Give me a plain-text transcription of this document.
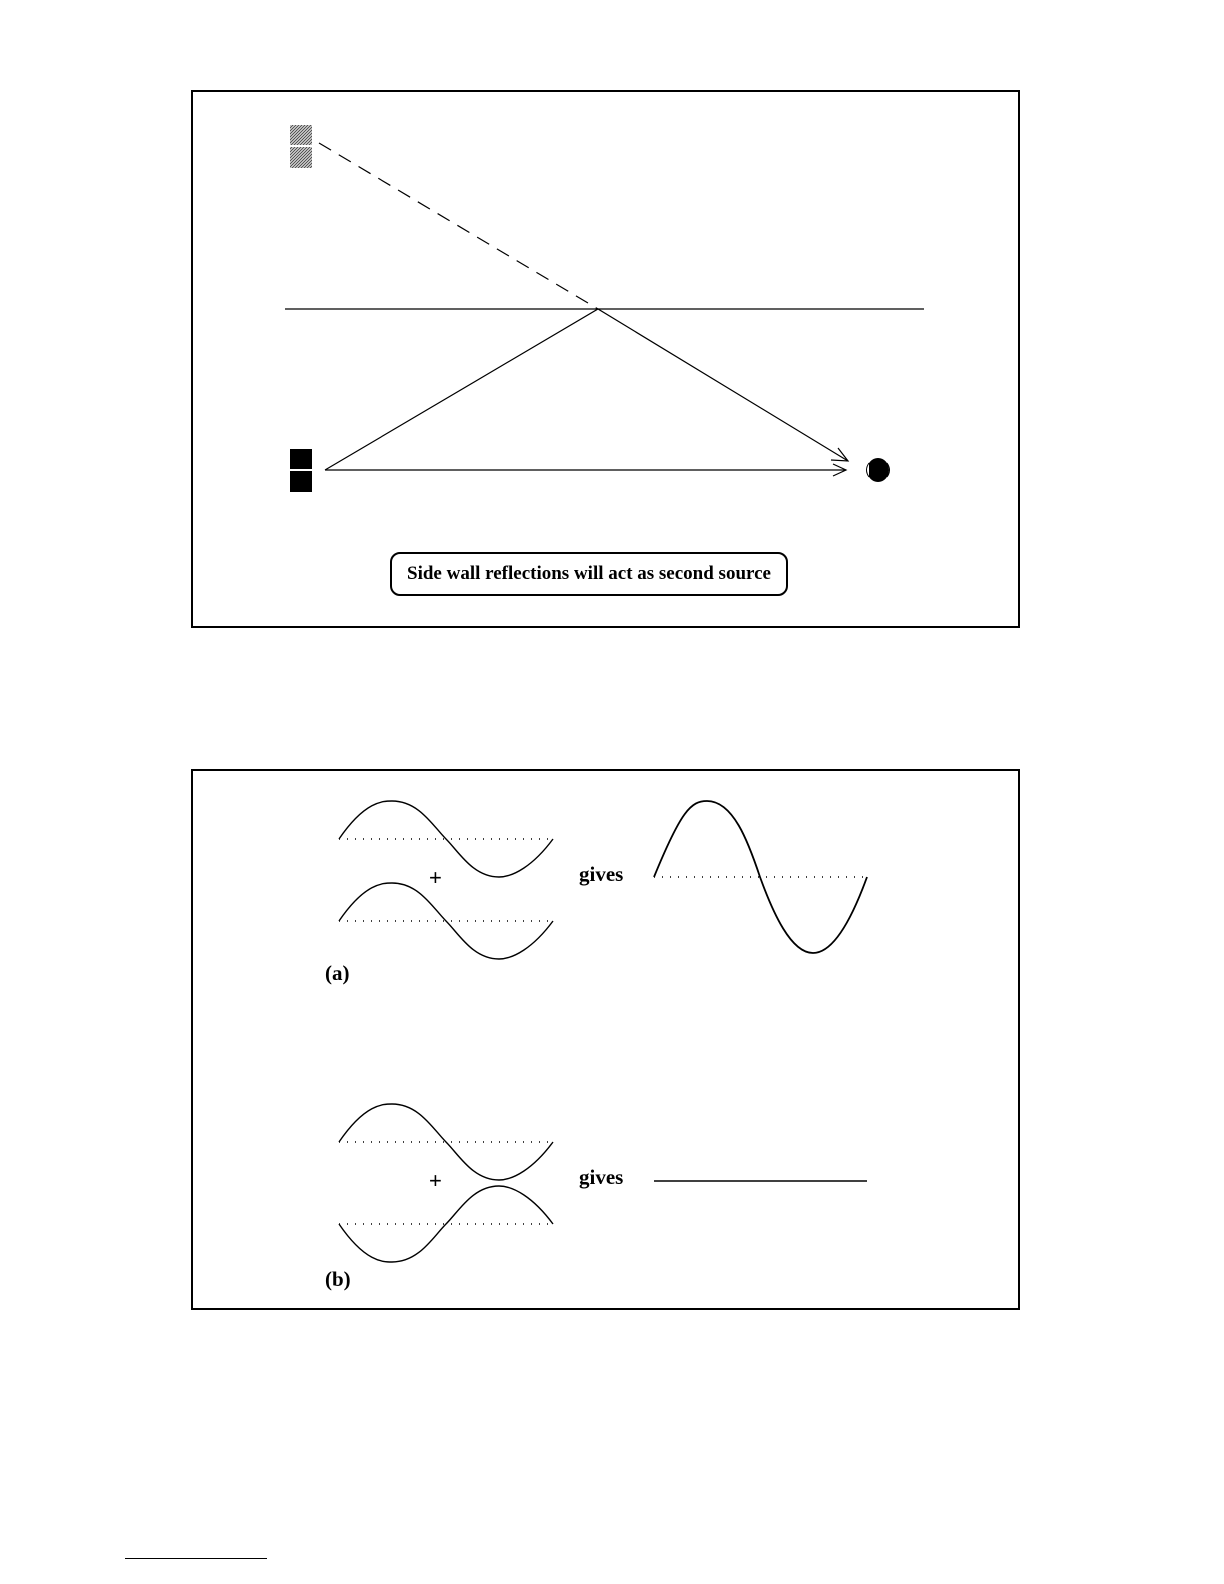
Side wall reflections will act as second source
+	gives
(a)
+	gives
(b)
